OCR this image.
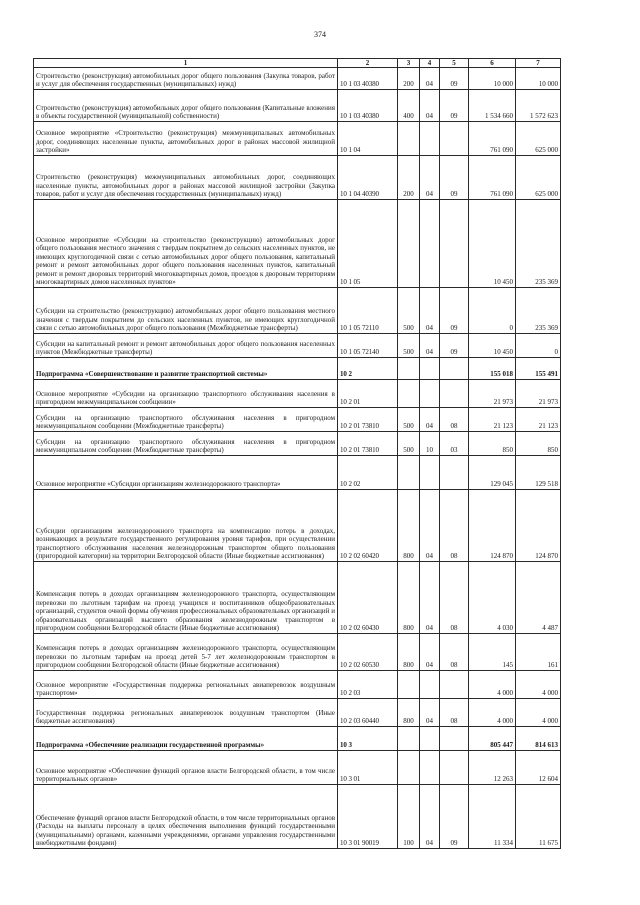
374
1	2	3	4	5	6	7
Строительство (реконструкция) автомобильных дорог общего пользования (Закупка товаров, работ и услуг для обеспечения государственных (муниципальных) нужд)	10 1 03 40380	200	04	09	10 000	10 000
Строительство (реконструкция) автомобильных дорог общего пользования (Капитальные вложения в объекты государственной (муниципальной) собственности)	10 1 03 40380	400	04	09	1 534 660	1 572 623
Основное мероприятие «Строительство (реконструкция) межмуниципальных автомобильных дорог, соединяющих населенные пункты, автомобильных дорог в районах массовой жилищной застройки»	10 1 04				761 090	625 000
Строительство (реконструкция) межмуниципальных автомобильных дорог, соединяющих населенные пункты, автомобильных дорог в районах массовой жилищной застройки (Закупка товаров, работ и услуг для обеспечения государственных (муниципальных) нужд)	10 1 04 40390	200	04	09	761 090	625 000
Основное мероприятие «Субсидии на строительство (реконструкцию) автомобильных дорог общего пользования местного значения с твердым покрытием до сельских населенных пунктов, не имеющих круглогодичной связи с сетью автомобильных дорог общего пользования, капитальный ремонт и ремонт автомобильных дорог общего пользования населенных пунктов, капитальный ремонт и ремонт дворовых территорий многоквартирных домов, проездов к дворовым территориям многоквартирных домов населенных пунктов»	10 1 05				10 450	235 369
Субсидии на строительство (реконструкцию) автомобильных дорог общего пользования местного значения с твердым покрытием до сельских населенных пунктов, не имеющих круглогодичной связи с сетью автомобильных дорог общего пользования (Межбюджетные трансферты)	10 1 05 72110	500	04	09	0	235 369
Субсидии на капитальный ремонт и ремонт автомобильных дорог общего пользования населенных пунктов (Межбюджетные трансферты)	10 1 05 72140	500	04	09	10 450	0
Подпрограмма «Совершенствование и развитие транспортной системы»	10 2				155 018	155 491
Основное мероприятие «Субсидии на организацию транспортного обслуживания населения в пригородном межмуниципальном сообщении»	10 2 01				21 973	21 973
Субсидии на организацию транспортного обслуживания населения в пригородном межмуниципальном сообщении (Межбюджетные трансферты)	10 2 01 73810	500	04	08	21 123	21 123
Субсидии на организацию транспортного обслуживания населения в пригородном межмуниципальном сообщении (Межбюджетные трансферты)	10 2 01 73810	500	10	03	850	850
Основное мероприятие «Субсидии организациям железнодорожного транспорта»	10 2 02				129 045	129 518
Субсидии организациям железнодорожного транспорта на компенсацию потерь в доходах, возникающих в результате государственного регулирования уровня тарифов, при осуществлении транспортного обслуживания населения железнодорожным транспортом общего пользования (пригородной категории) на территории Белгородской области (Иные бюджетные ассигнования)	10 2 02 60420	800	04	08	124 870	124 870
Компенсация потерь в доходах организациям железнодорожного транспорта, осуществляющим перевозки по льготным тарифам на проезд учащихся и воспитанников общеобразовательных организаций, студентов очной формы обучения профессиональных образовательных организаций и образовательных организаций высшего образования железнодорожным транспортом в пригородном сообщении Белгородской области (Иные бюджетные ассигнования)	10 2 02 60430	800	04	08	4 030	4 487
Компенсация потерь в доходах организациям железнодорожного транспорта, осуществляющим перевозки по льготным тарифам на проезд детей 5-7 лет железнодорожным транспортом в пригородном сообщении Белгородской области (Иные бюджетные ассигнования)	10 2 02 60530	800	04	08	145	161
Основное мероприятие «Государственная поддержка региональных авиаперевозок воздушным транспортом»	10 2 03				4 000	4 000
Государственная поддержка региональных авиаперевозок воздушным транспортом (Иные бюджетные ассигнования)	10 2 03 60440	800	04	08	4 000	4 000
Подпрограмма «Обеспечение реализации государственной программы»	10 3				805 447	814 613
Основное мероприятие «Обеспечение функций органов власти Белгородской области, в том числе территориальных органов»	10 3 01				12 263	12 604
Обеспечение функций органов власти Белгородской области, в том числе территориальных органов (Расходы на выплаты персоналу в целях обеспечения выполнения функций государственными (муниципальными) органами, казенными учреждениями, органами управления государственными внебюджетными фондами)	10 3 01 90019	100	04	09	11 334	11 675
